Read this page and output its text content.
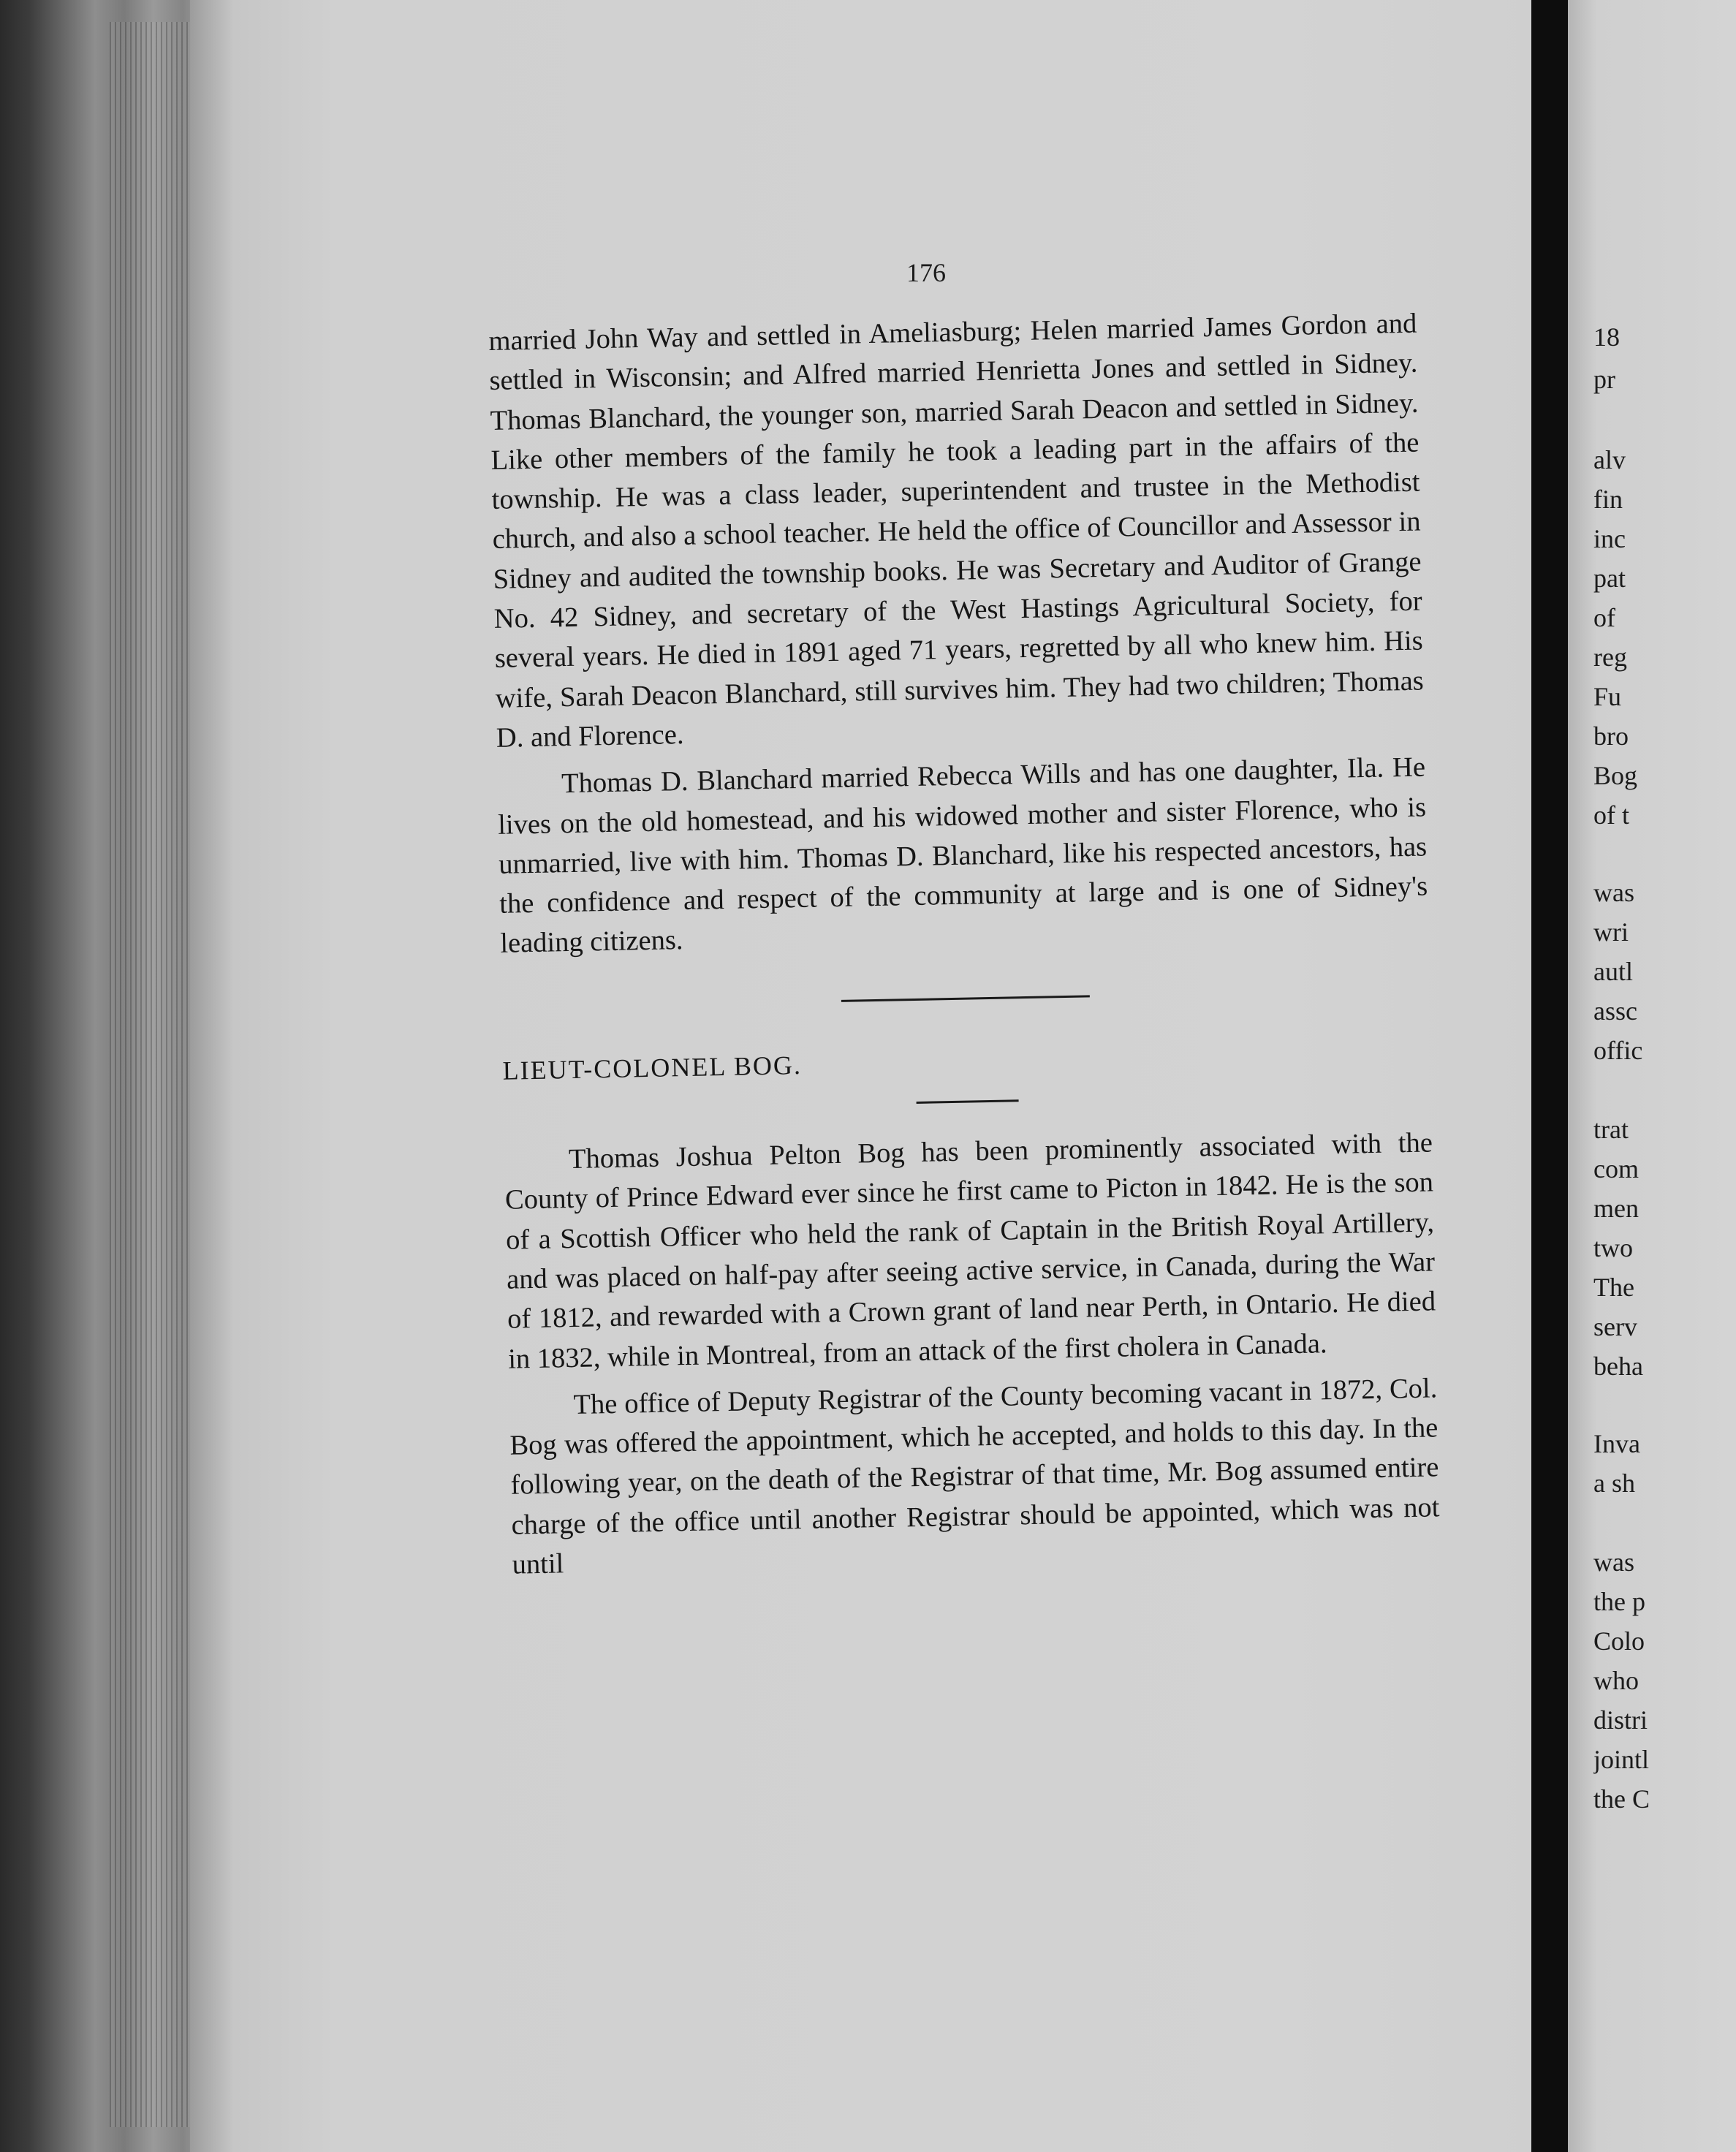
18
pr
alv
fin
inc
pat
of
reg
Fu
bro
Bog
of t
was
wri
autl
assc
offic
trat
com
men
two
The
serv
beha
Inva
a sh
was
the p
Colo
who
distri
jointl
the C
176

married John Way and settled in Ameliasburg; Helen married James Gordon and settled in Wisconsin; and Alfred married Henrietta Jones and settled in Sidney. Thomas Blanchard, the younger son, married Sarah Deacon and settled in Sidney. Like other members of the family he took a leading part in the affairs of the township. He was a class leader, superintendent and trustee in the Methodist church, and also a school teacher. He held the office of Councillor and Assessor in Sidney and audited the township books. He was Secretary and Auditor of Grange No. 42 Sidney, and secretary of the West Hastings Agricultural Society, for several years. He died in 1891 aged 71 years, regretted by all who knew him. His wife, Sarah Deacon Blanchard, still survives him. They had two children; Thomas D. and Florence.

Thomas D. Blanchard married Rebecca Wills and has one daughter, Ila. He lives on the old homestead, and his widowed mother and sister Florence, who is unmarried, live with him. Thomas D. Blanchard, like his respected ancestors, has the confidence and respect of the community at large and is one of Sidney's leading citizens.

LIEUT-COLONEL BOG.

Thomas Joshua Pelton Bog has been prominently associated with the County of Prince Edward ever since he first came to Picton in 1842. He is the son of a Scottish Officer who held the rank of Captain in the British Royal Artillery, and was placed on half-pay after seeing active service, in Canada, during the War of 1812, and rewarded with a Crown grant of land near Perth, in Ontario. He died in 1832, while in Montreal, from an attack of the first cholera in Canada.

The office of Deputy Registrar of the County becoming vacant in 1872, Col. Bog was offered the appointment, which he accepted, and holds to this day. In the following year, on the death of the Registrar of that time, Mr. Bog assumed entire charge of the office until another Registrar should be appointed, which was not until
